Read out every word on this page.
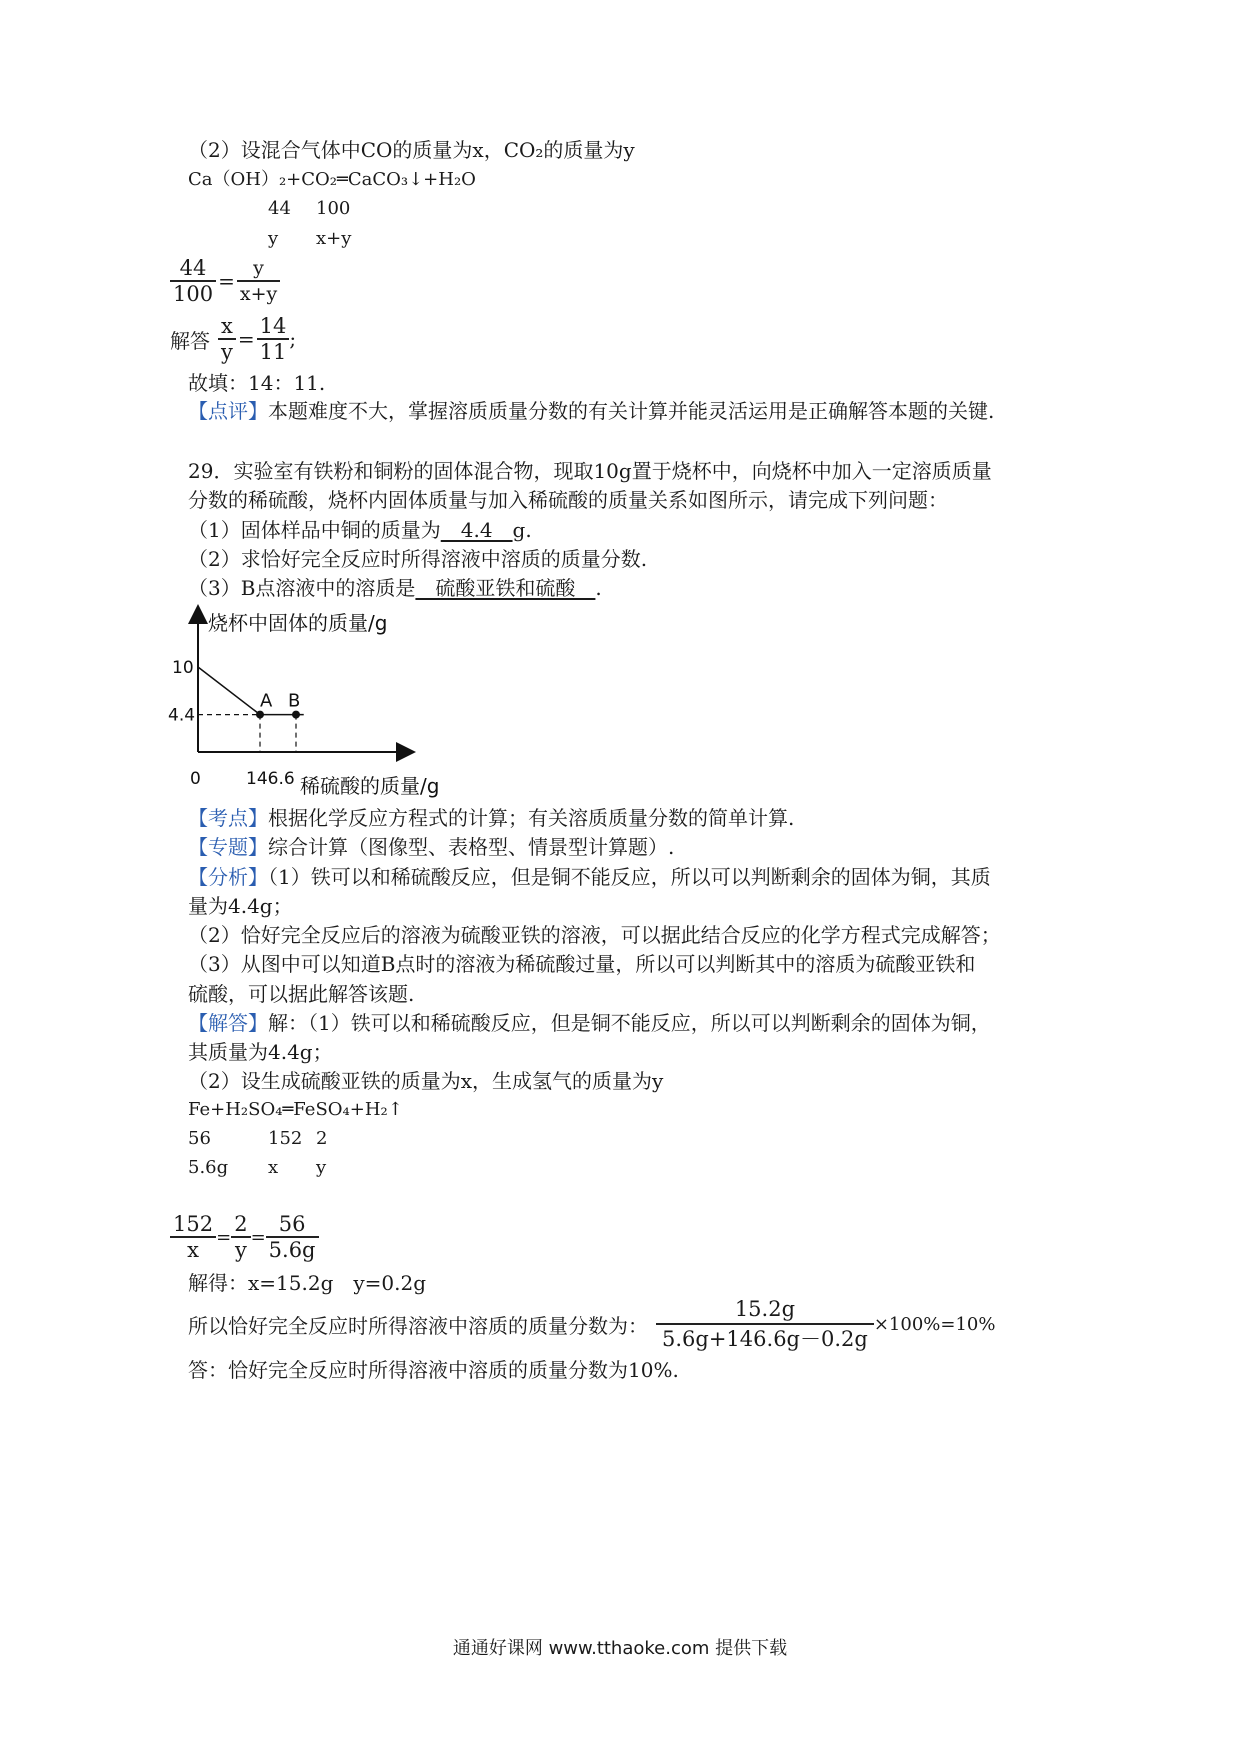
（2）设混合气体中CO的质量为x，CO₂的质量为y
Ca（OH）₂+CO₂═CaCO₃↓+H₂O
44 100
y x+y
$\frac{44}{100} = \frac{y}{x+y}$
解答 $\frac{x}{y} = \frac{14}{11}$ ;
故填：14：11.
【点评】本题难度不大，掌握溶质质量分数的有关计算并能灵活运用是正确解答本题的关键.
29．实验室有铁粉和铜粉的固体混合物，现取10g置于烧杯中，向烧杯中加入一定溶质质量
分数的稀硫酸，烧杯内固体质量与加入稀硫酸的质量关系如图所示，请完成下列问题：
（1）固体样品中铜的质量为　4.4　g.
（2）求恰好完全反应时所得溶液中溶质的质量分数.
（3）B点溶液中的溶质是　硫酸亚铁和硫酸　.
烧杯中固体的质量/g
稀硫酸的质量/g
0
A B
10
4.4
146.6
【考点】根据化学反应方程式的计算；有关溶质质量分数的简单计算.
【专题】综合计算（图像型、表格型、情景型计算题）.
【分析】（1）铁可以和稀硫酸反应，但是铜不能反应，所以可以判断剩余的固体为铜，其质
量为4.4g；
（2）恰好完全反应后的溶液为硫酸亚铁的溶液，可以据此结合反应的化学方程式完成解答；
（3）从图中可以知道B点时的溶液为稀硫酸过量，所以可以判断其中的溶质为硫酸亚铁和
硫酸，可以据此解答该题.
【解答】解：（1）铁可以和稀硫酸反应，但是铜不能反应，所以可以判断剩余的固体为铜，
其质量为4.4g；
（2）设生成硫酸亚铁的质量为x，生成氢气的质量为y
Fe+H₂SO₄═FeSO₄+H₂↑
56	152 2
5.6g x y
$\frac{152}{x} = \frac{2}{y} = \frac{56}{5.6g}$
解得：x=15.2g　y=0.2g
所以恰好完全反应时所得溶液中溶质的质量分数为： $\frac{15.2g}{5.6g+146.6g-0.2g} \times 100\%=10\%$
答：恰好完全反应时所得溶液中溶质的质量分数为10%.
通通好课网 www.tthaoke.com 提供下载
